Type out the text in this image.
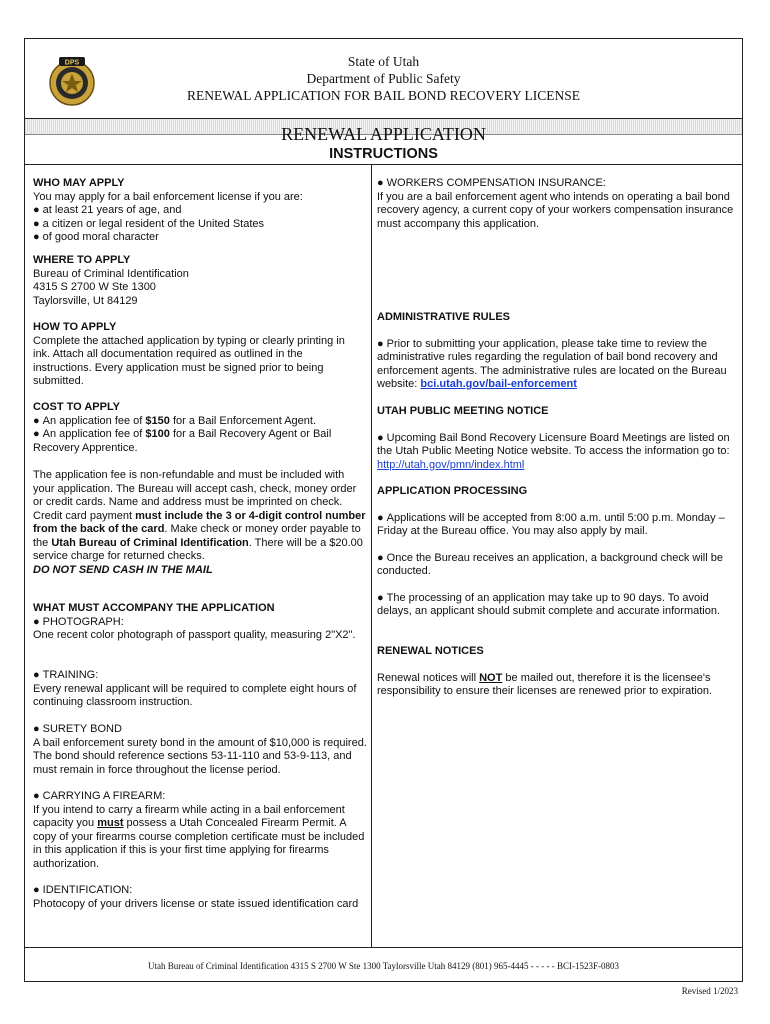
DPS	State of Utah
Department of Public Safety
RENEWAL APPLICATION FOR BAIL BOND RECOVERY LICENSE
RENEWAL APPLICATION
INSTRUCTIONS

WHO MAY APPLY

You may apply for a bail enforcement license if you are:

● at least 21 years of age, and

● a citizen or legal resident of the United States

● of good moral character

WHERE TO APPLY

Bureau of Criminal Identification

4315 S 2700 W Ste 1300

Taylorsville, Ut 84129

HOW TO APPLY

Complete the attached application by typing or clearly printing in ink. Attach all documentation required as outlined in the instructions. Every application must be signed prior to being submitted.

COST TO APPLY

● An application fee of $150 for a Bail Enforcement Agent.

● An application fee of $100 for a Bail Recovery Agent or Bail Recovery Apprentice.

The application fee is non-refundable and must be included with your application. The Bureau will accept cash, check, money order or credit cards. Name and address must be imprinted on check. Credit card payment must include the 3 or 4-digit control number from the back of the card. Make check or money order payable to the Utah Bureau of Criminal Identification. There will be a $20.00 service charge for returned checks.

DO NOT SEND CASH IN THE MAIL

WHAT MUST ACCOMPANY THE APPLICATION

● PHOTOGRAPH:

One recent color photograph of passport quality, measuring 2"X2".

● TRAINING:

Every renewal applicant will be required to complete eight hours of continuing classroom instruction.

● SURETY BOND

A bail enforcement surety bond in the amount of $10,000 is required. The bond should reference sections 53-11-110 and 53-9-113, and must remain in force throughout the license period.

● CARRYING A FIREARM:

If you intend to carry a firearm while acting in a bail enforcement capacity you must possess a Utah Concealed Firearm Permit. A copy of your firearms course completion certificate must be included in this application if this is your first time applying for firearms authorization.

● IDENTIFICATION:

Photocopy of your drivers license or state issued identification card

● WORKERS COMPENSATION INSURANCE:

If you are a bail enforcement agent who intends on operating a bail bond recovery agency, a current copy of your workers compensation insurance must accompany this application.

ADMINISTRATIVE RULES

● Prior to submitting your application, please take time to review the administrative rules regarding the regulation of bail bond recovery and enforcement agents. The administrative rules are located on the Bureau website: bci.utah.gov/bail-enforcement

UTAH PUBLIC MEETING NOTICE

● Upcoming Bail Bond Recovery Licensure Board Meetings are listed on the Utah Public Meeting Notice website. To access the information go to: http://utah.gov/pmn/index.html

APPLICATION PROCESSING

● Applications will be accepted from 8:00 a.m. until 5:00 p.m. Monday – Friday at the Bureau office. You may also apply by mail.

● Once the Bureau receives an application, a background check will be conducted.

● The processing of an application may take up to 90 days. To avoid delays, an applicant should submit complete and accurate information.

RENEWAL NOTICES

Renewal notices will NOT be mailed out, therefore it is the licensee's responsibility to ensure their licenses are renewed prior to expiration.

Utah Bureau of Criminal Identification 4315 S 2700 W Ste 1300 Taylorsville Utah 84129 (801) 965-4445 - - - - - BCI-1523F-0803
Revised 1/2023
